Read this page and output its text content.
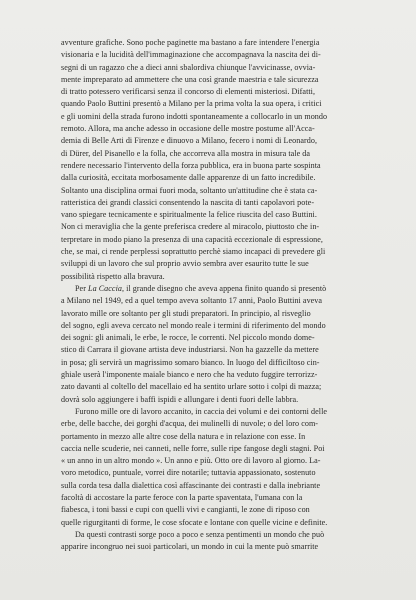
avventure grafiche. Sono poche paginette ma bastano a fare intendere l'energia

visionaria e la lucidità dell'immaginazione che accompagnava la nascita dei di-

segni di un ragazzo che a dieci anni sbalordiva chiunque l'avvicinasse, ovvia-

mente impreparato ad ammettere che una così grande maestria e tale sicurezza

di tratto potessero verificarsi senza il concorso di elementi misteriosi. Difatti,

quando Paolo Buttini presentò a Milano per la prima volta la sua opera, i critici

e gli uomini della strada furono indotti spontaneamente a collocarlo in un mondo

remoto. Allora, ma anche adesso in occasione delle mostre postume all'Acca-

demia di Belle Arti di Firenze e dinuovo a Milano, fecero i nomi di Leonardo,

di Dürer, del Pisanello e la folla, che accorreva alla mostra in misura tale da

rendere necessario l'intervento della forza pubblica, era in buona parte sospinta

dalla curiosità, eccitata morbosamente dalle apparenze di un fatto incredibile.

Soltanto una disciplina ormai fuori moda, soltanto un'attitudine che è stata ca-

ratteristica dei grandi classici consentendo la nascita di tanti capolavori pote-

vano spiegare tecnicamente e spiritualmente la felice riuscita del caso Buttini.

Non ci meraviglia che la gente preferisca credere al miracolo, piuttosto che in-

terpretare in modo piano la presenza di una capacità eccezionale di espressione,

che, se mai, ci rende perplessi soprattutto perchè siamo incapaci di prevedere gli

sviluppi di un lavoro che sul proprio avvio sembra aver esaurito tutte le sue

possibilità rispetto alla bravura.

Per La Caccia, il grande disegno che aveva appena finito quando si presentò

a Milano nel 1949, ed a quel tempo aveva soltanto 17 anni, Paolo Buttini aveva

lavorato mille ore soltanto per gli studi preparatori. In principio, al risveglio

del sogno, egli aveva cercato nel mondo reale i termini di riferimento del mondo

dei sogni: gli animali, le erbe, le rocce, le correnti. Nel piccolo mondo dome-

stico di Carrara il giovane artista deve industriarsi. Non ha gazzelle da mettere

in posa; gli servirà un magrissimo somaro bianco. In luogo del difficiltoso cin-

ghiale userà l'imponente maiale bianco e nero che ha veduto fuggire terrorizz-

zato davanti al coltello del macellaio ed ha sentito urlare sotto i colpi di mazza;

dovrà solo aggiungere i baffi ispidi e allungare i denti fuori delle labbra.

Furono mille ore di lavoro accanito, in caccia dei volumi e dei contorni delle

erbe, delle bacche, dei gorghi d'acqua, dei mulinelli di nuvole; o del loro com-

portamento in mezzo alle altre cose della natura e in relazione con esse. In

caccia nelle scuderie, nei canneti, nelle forre, sulle ripe fangose degli stagni. Poi

« un anno in un altro mondo ». Un anno e più. Otto ore di lavoro al giorno. La-

voro metodico, puntuale, vorrei dire notarile; tuttavia appassionato, sostenuto

sulla corda tesa dalla dialettica così affascinante dei contrasti e dalla inebriante

facoltà di accostare la parte feroce con la parte spaventata, l'umana con la

fiabesca, i toni bassi e cupi con quelli vivi e cangianti, le zone di riposo con

quelle rigurgitanti di forme, le cose sfocate e lontane con quelle vicine e definite.

Da questi contrasti sorge poco a poco e senza pentimenti un mondo che può

apparire incongruo nei suoi particolari, un mondo in cui la mente può smarrite
